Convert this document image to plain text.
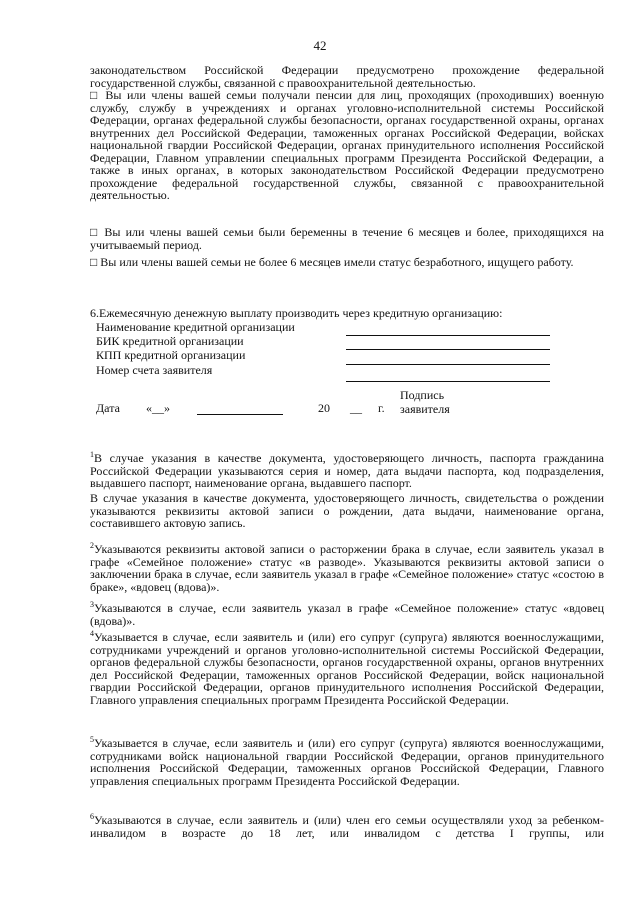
42

законодательством Российской Федерации предусмотрено прохождение федеральной государственной службы, связанной с правоохранительной деятельностью.

□ Вы или члены вашей семьи получали пенсии для лиц, проходящих (проходивших) военную службу, службу в учреждениях и органах уголовно-исполнительной системы Российской Федерации, органах федеральной службы безопасности, органах государственной охраны, органах внутренних дел Российской Федерации, таможенных органах Российской Федерации, войсках национальной гвардии Российской Федерации, органах принудительного исполнения Российской Федерации, Главном управлении специальных программ Президента Российской Федерации, а также в иных органах, в которых законодательством Российской Федерации предусмотрено прохождение федеральной государственной службы, связанной с правоохранительной деятельностью.

□ Вы или члены вашей семьи были беременны в течение 6 месяцев и более, приходящихся на учитываемый период.

□ Вы или члены вашей семьи не более 6 месяцев имели статус безработного, ищущего работу.

6.Ежемесячную денежную выплату производить через кредитную организацию:
Наименование кредитной организации
БИК кредитной организации
КПП кредитной организации
Номер счета заявителя
Дата «__»	20 __ г.
Подпись
заявителя

$^1$В случае указания в качестве документа, удостоверяющего личность, паспорта гражданина Российской Федерации указываются серия и номер, дата выдачи паспорта, код подразделения, выдавшего паспорт, наименование органа, выдавшего паспорт.

В случае указания в качестве документа, удостоверяющего личность, свидетельства о рождении указываются реквизиты актовой записи о рождении, дата выдачи, наименование органа, составившего актовую запись.

$^2$Указываются реквизиты актовой записи о расторжении брака в случае, если заявитель указал в графе «Семейное положение» статус «в разводе». Указываются реквизиты актовой записи о заключении брака в случае, если заявитель указал в графе «Семейное положение» статус «состою в браке», «вдовец (вдова)».

$^3$Указываются в случае, если заявитель указал в графе «Семейное положение» статус «вдовец (вдова)».

$^4$Указывается в случае, если заявитель и (или) его супруг (супруга) являются военнослужащими, сотрудниками учреждений и органов уголовно-исполнительной системы Российской Федерации, органов федеральной службы безопасности, органов государственной охраны, органов внутренних дел Российской Федерации, таможенных органов Российской Федерации, войск национальной гвардии Российской Федерации, органов принудительного исполнения Российской Федерации, Главного управления специальных программ Президента Российской Федерации.

$^5$Указывается в случае, если заявитель и (или) его супруг (супруга) являются военнослужащими, сотрудниками войск национальной гвардии Российской Федерации, органов принудительного исполнения Российской Федерации, таможенных органов Российской Федерации, Главного управления специальных программ Президента Российской Федерации.

$^6$Указываются в случае, если заявитель и (или) член его семьи осуществляли уход за ребенком-инвалидом в возрасте до 18 лет, или инвалидом с детства I группы, или
